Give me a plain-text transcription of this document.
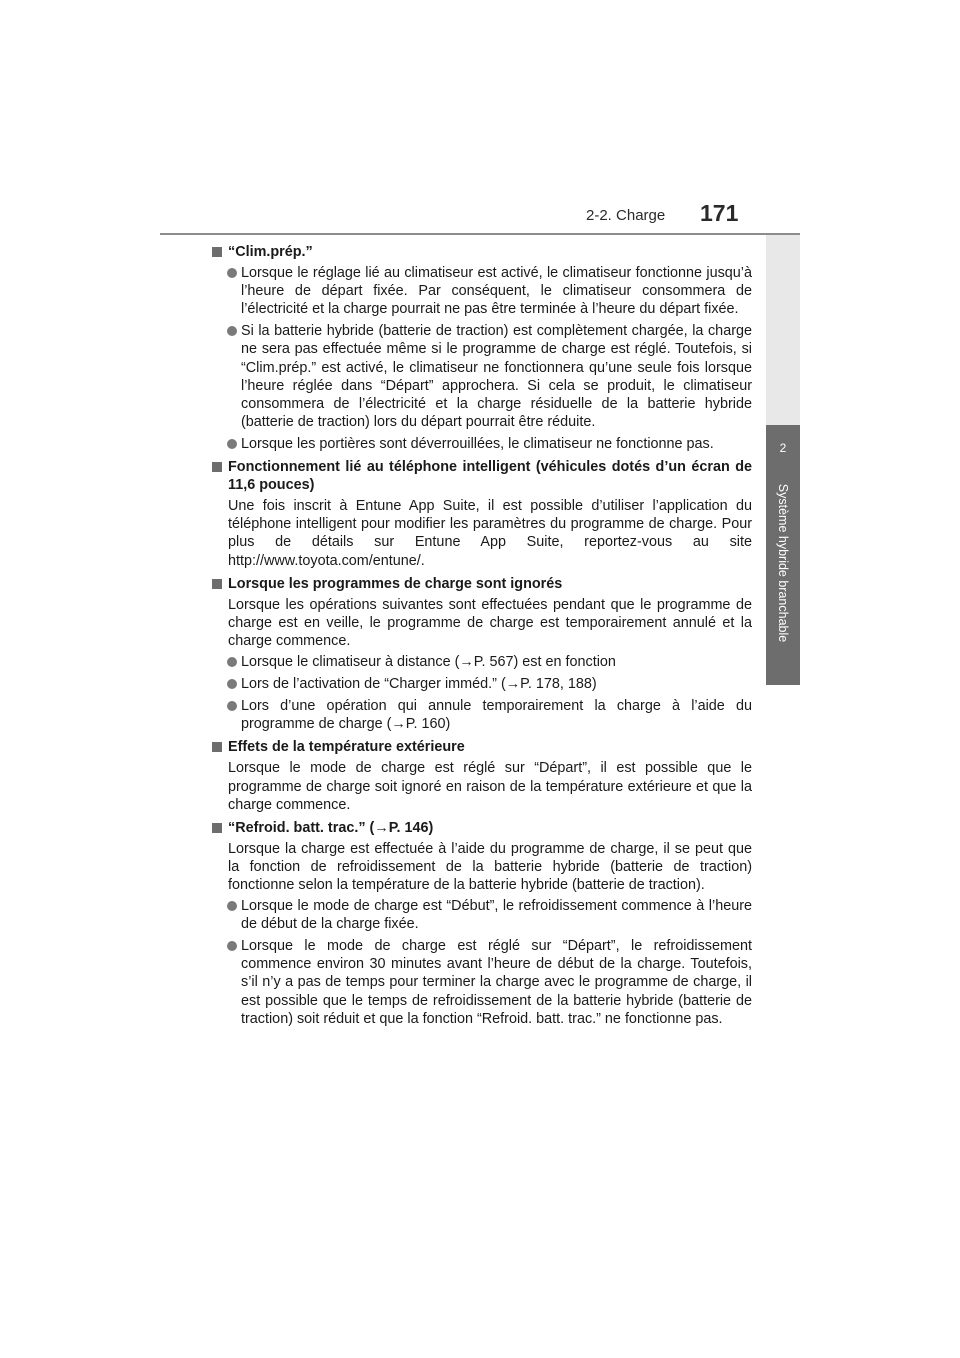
2-2. Charge 171
2
Système hybride branchable
“Clim.prép.”
Lorsque le réglage lié au climatiseur est activé, le climatiseur fonctionne jusqu’à l’heure de départ fixée. Par conséquent, le climatiseur consommera de l’électricité et la charge pourrait ne pas être terminée à l’heure du départ fixée.
Si la batterie hybride (batterie de traction) est complètement chargée, la charge ne sera pas effectuée même si le programme de charge est réglé. Toutefois, si “Clim.prép.” est activé, le climatiseur ne fonctionnera qu’une seule fois lorsque l’heure réglée dans “Départ” approchera. Si cela se produit, le climatiseur consommera de l’électricité et la charge résiduelle de la batterie hybride (batterie de traction) lors du départ pourrait être réduite.
Lorsque les portières sont déverrouillées, le climatiseur ne fonctionne pas.
Fonctionnement lié au téléphone intelligent (véhicules dotés d’un écran de 11,6 pouces)
Une fois inscrit à Entune App Suite, il est possible d’utiliser l’application du téléphone intelligent pour modifier les paramètres du programme de charge. Pour plus de détails sur Entune App Suite, reportez-vous au site http://www.toyota.com/entune/.
Lorsque les programmes de charge sont ignorés
Lorsque les opérations suivantes sont effectuées pendant que le programme de charge est en veille, le programme de charge est temporairement annulé et la charge commence.
Lorsque le climatiseur à distance (→P. 567) est en fonction
Lors de l’activation de “Charger imméd.” (→P. 178, 188)
Lors d’une opération qui annule temporairement la charge à l’aide du programme de charge (→P. 160)
Effets de la température extérieure
Lorsque le mode de charge est réglé sur “Départ”, il est possible que le programme de charge soit ignoré en raison de la température extérieure et que la charge commence.
“Refroid. batt. trac.” (→P. 146)
Lorsque la charge est effectuée à l’aide du programme de charge, il se peut que la fonction de refroidissement de la batterie hybride (batterie de traction) fonctionne selon la température de la batterie hybride (batterie de traction).
Lorsque le mode de charge est “Début”, le refroidissement commence à l’heure de début de la charge fixée.
Lorsque le mode de charge est réglé sur “Départ”, le refroidissement commence environ 30 minutes avant l’heure de début de la charge. Toutefois, s’il n’y a pas de temps pour terminer la charge avec le programme de charge, il est possible que le temps de refroidissement de la batterie hybride (batterie de traction) soit réduit et que la fonction “Refroid. batt. trac.” ne fonctionne pas.
